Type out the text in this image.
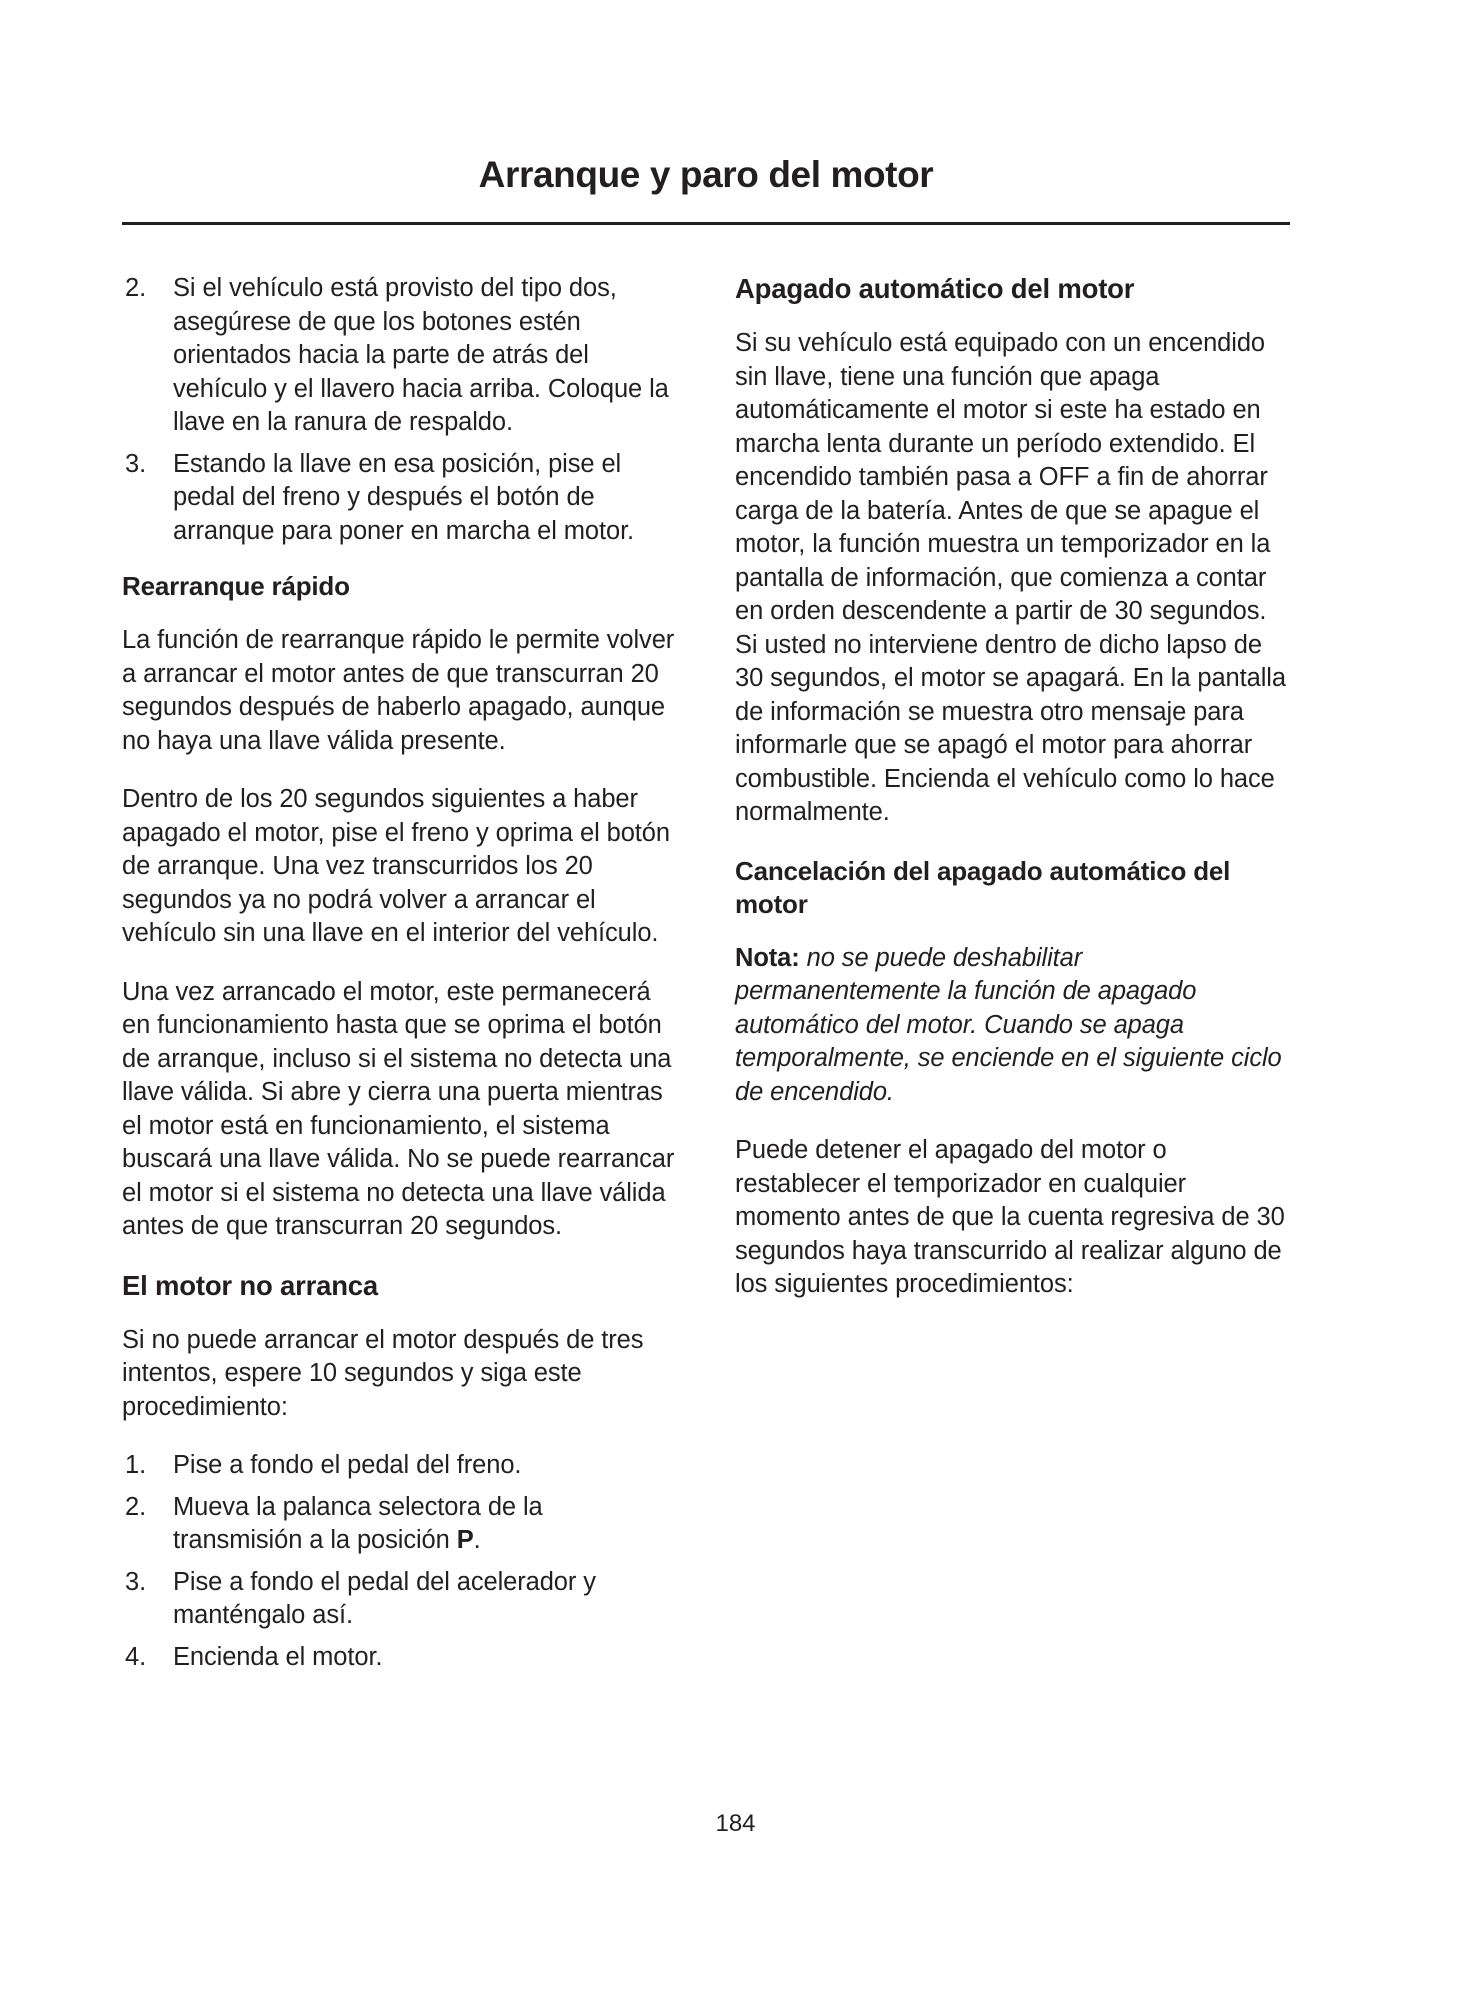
Arranque y paro del motor
2.	Si el vehículo está provisto del tipo dos, asegúrese de que los botones estén orientados hacia la parte de atrás del vehículo y el llavero hacia arriba. Coloque la llave en la ranura de respaldo.
3.	Estando la llave en esa posición, pise el pedal del freno y después el botón de arranque para poner en marcha el motor.
Rearranque rápido

La función de rearranque rápido le permite volver a arrancar el motor antes de que transcurran 20 segundos después de haberlo apagado, aunque no haya una llave válida presente.

Dentro de los 20 segundos siguientes a haber apagado el motor, pise el freno y oprima el botón de arranque. Una vez transcurridos los 20 segundos ya no podrá volver a arrancar el vehículo sin una llave en el interior del vehículo.

Una vez arrancado el motor, este permanecerá en funcionamiento hasta que se oprima el botón de arranque, incluso si el sistema no detecta una llave válida. Si abre y cierra una puerta mientras el motor está en funcionamiento, el sistema buscará una llave válida. No se puede rearrancar el motor si el sistema no detecta una llave válida antes de que transcurran 20 segundos.

El motor no arranca

Si no puede arrancar el motor después de tres intentos, espere 10 segundos y siga este procedimiento:

1.	Pise a fondo el pedal del freno.
2.	Mueva la palanca selectora de la transmisión a la posición P.
3.	Pise a fondo el pedal del acelerador y manténgalo así.
4.	Encienda el motor.
Apagado automático del motor

Si su vehículo está equipado con un encendido sin llave, tiene una función que apaga automáticamente el motor si este ha estado en marcha lenta durante un período extendido. El encendido también pasa a OFF a fin de ahorrar carga de la batería. Antes de que se apague el motor, la función muestra un temporizador en la pantalla de información, que comienza a contar en orden descendente a partir de 30 segundos. Si usted no interviene dentro de dicho lapso de 30 segundos, el motor se apagará. En la pantalla de información se muestra otro mensaje para informarle que se apagó el motor para ahorrar combustible. Encienda el vehículo como lo hace normalmente.

Cancelación del apagado automático del motor

Nota: no se puede deshabilitar permanentemente la función de apagado automático del motor. Cuando se apaga temporalmente, se enciende en el siguiente ciclo de encendido.

Puede detener el apagado del motor o restablecer el temporizador en cualquier momento antes de que la cuenta regresiva de 30 segundos haya transcurrido al realizar alguno de los siguientes procedimientos:

184
